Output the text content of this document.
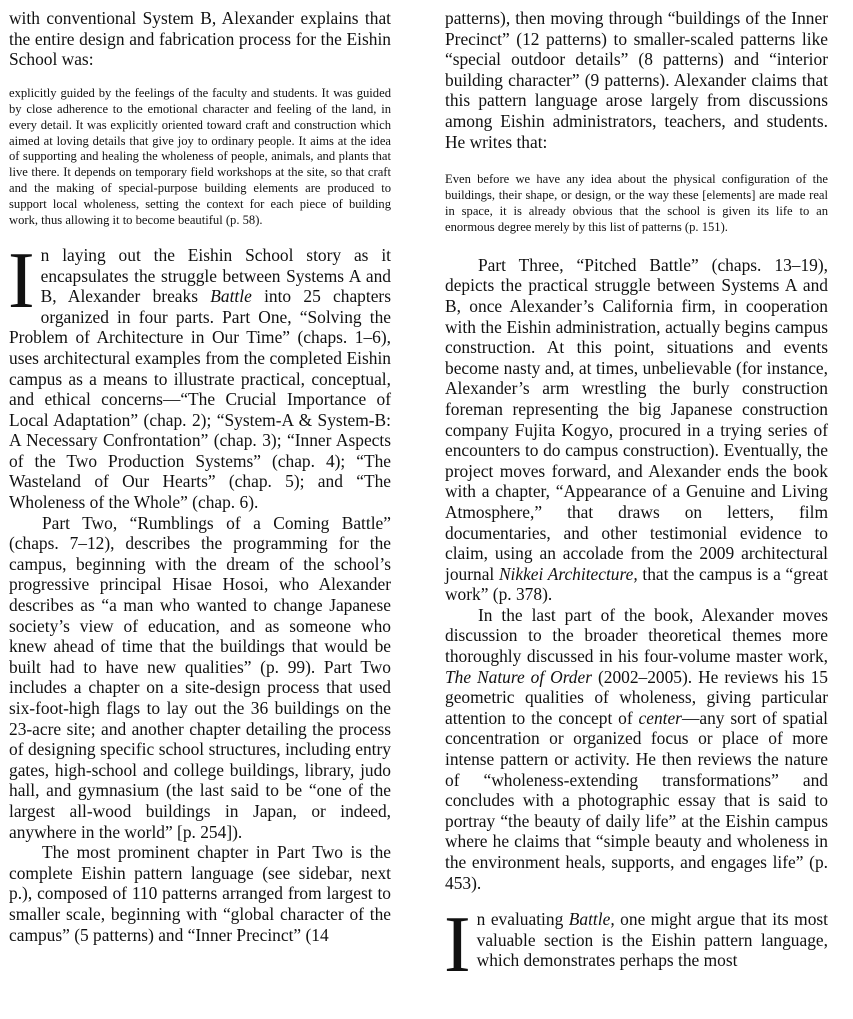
with conventional System B, Alexander explains that the entire design and fabrication process for the Eishin School was:

explicitly guided by the feelings of the faculty and students. It was guided by close adherence to the emotional character and feeling of the land, in every detail. It was explicitly oriented toward craft and construction which aimed at loving details that give joy to ordinary people. It aims at the idea of supporting and healing the wholeness of people, animals, and plants that live there. It depends on temporary field workshops at the site, so that craft and the making of special-purpose building elements are produced to support local wholeness, setting the context for each piece of building work, thus allowing it to become beautiful (p. 58).

In laying out the Eishin School story as it encapsulates the struggle between Systems A and B, Alexander breaks Battle into 25 chapters organized in four parts. Part One, “Solving the Problem of Architecture in Our Time” (chaps. 1–6), uses architectural examples from the completed Eishin campus as a means to illustrate practical, conceptual, and ethical concerns—“The Crucial Importance of Local Adaptation” (chap. 2); “System-A & System-B: A Necessary Confrontation” (chap. 3); “Inner Aspects of the Two Production Systems” (chap. 4); “The Wasteland of Our Hearts” (chap. 5); and “The Wholeness of the Whole” (chap. 6).

Part Two, “Rumblings of a Coming Battle” (chaps. 7–12), describes the programming for the campus, beginning with the dream of the school’s progressive principal Hisae Hosoi, who Alexander describes as “a man who wanted to change Japanese society’s view of education, and as someone who knew ahead of time that the buildings that would be built had to have new qualities” (p. 99). Part Two includes a chapter on a site-design process that used six-foot-high flags to lay out the 36 buildings on the 23-acre site; and another chapter detailing the process of designing specific school structures, including entry gates, high-school and college buildings, library, judo hall, and gymnasium (the last said to be “one of the largest all-wood buildings in Japan, or indeed, anywhere in the world” [p. 254]).

The most prominent chapter in Part Two is the complete Eishin pattern language (see sidebar, next p.), composed of 110 patterns arranged from largest to smaller scale, beginning with “global character of the campus” (5 patterns) and “Inner Precinct” (14

patterns), then moving through “buildings of the Inner Precinct” (12 patterns) to smaller-scaled patterns like “special outdoor details” (8 patterns) and “interior building character” (9 patterns). Alexander claims that this pattern language arose largely from discussions among Eishin administrators, teachers, and students. He writes that:

Even before we have any idea about the physical configuration of the buildings, their shape, or design, or the way these [elements] are made real in space, it is already obvious that the school is given its life to an enormous degree merely by this list of patterns (p. 151).

Part Three, “Pitched Battle” (chaps. 13–19), depicts the practical struggle between Systems A and B, once Alexander’s California firm, in cooperation with the Eishin administration, actually begins campus construction. At this point, situations and events become nasty and, at times, unbelievable (for instance, Alexander’s arm wrestling the burly construction foreman representing the big Japanese construction company Fujita Kogyo, procured in a trying series of encounters to do campus construction). Eventually, the project moves forward, and Alexander ends the book with a chapter, “Appearance of a Genuine and Living Atmosphere,” that draws on letters, film documentaries, and other testimonial evidence to claim, using an accolade from the 2009 architectural journal Nikkei Architecture, that the campus is a “great work” (p. 378).

In the last part of the book, Alexander moves discussion to the broader theoretical themes more thoroughly discussed in his four-volume master work, The Nature of Order (2002–2005). He reviews his 15 geometric qualities of wholeness, giving particular attention to the concept of center—any sort of spatial concentration or organized focus or place of more intense pattern or activity. He then reviews the nature of “wholeness-extending transformations” and concludes with a photographic essay that is said to portray “the beauty of daily life” at the Eishin campus where he claims that “simple beauty and wholeness in the environment heals, supports, and engages life” (p. 453).

In evaluating Battle, one might argue that its most valuable section is the Eishin pattern language, which demonstrates perhaps the most
